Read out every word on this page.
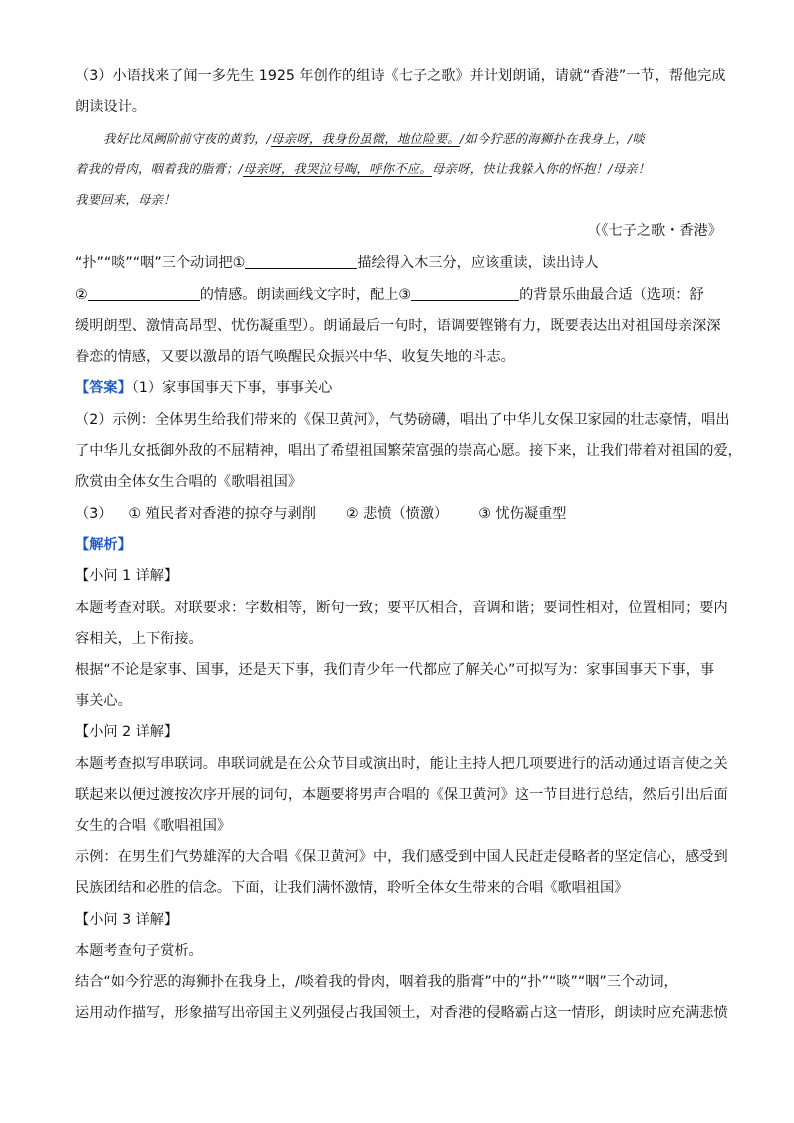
（3）小语找来了闻一多先生 1925 年创作的组诗《七子之歌》并计划朗诵，请就“香港”一节，帮他完成
朗读设计。
我好比凤阙阶前守夜的黄豹，/母亲呀，我身份虽微，地位险要。/如今狞恶的海狮扑在我身上，/啖
着我的骨肉，咽着我的脂膏；/母亲呀，我哭泣号啕，呼你不应。母亲呀，快让我躲入你的怀抱！/母亲！
我要回来，母亲！
（《七子之歌・香港》
“扑”“啖”“咽”三个动词把①	描绘得入木三分，应该重读，读出诗人
②	的情感。朗读画线文字时，配上③	的背景乐曲最合适（选项：舒
缓明朗型、激情高昂型、忧伤凝重型）。朗诵最后一句时，语调要铿锵有力，既要表达出对祖国母亲深深
眷恋的情感，又要以激昂的语气唤醒民众振兴中华、收复失地的斗志。
【答案】（1）家事国事天下事，事事关心
（2）示例：全体男生给我们带来的《保卫黄河》，气势磅礴，唱出了中华儿女保卫家园的壮志豪情，唱出
了中华儿女抵御外敌的不屈精神，唱出了希望祖国繁荣富强的崇高心愿。接下来，让我们带着对祖国的爱，
欣赏由全体女生合唱的《歌唱祖国》
（3） ① 殖民者对香港的掠夺与剥削 ② 悲愤（愤激） ③ 忧伤凝重型
【解析】
【小问 1 详解】
本题考查对联。对联要求：字数相等，断句一致；要平仄相合，音调和谐；要词性相对，位置相同；要内
容相关，上下衔接。
根据“不论是家事、国事，还是天下事，我们青少年一代都应了解关心”可拟写为：家事国事天下事，事
事关心。
【小问 2 详解】
本题考查拟写串联词。串联词就是在公众节目或演出时，能让主持人把几项要进行的活动通过语言使之关
联起来以便过渡按次序开展的词句，本题要将男声合唱的《保卫黄河》这一节目进行总结，然后引出后面
女生的合唱《歌唱祖国》
示例：在男生们气势雄浑的大合唱《保卫黄河》中，我们感受到中国人民赶走侵略者的坚定信心，感受到
民族团结和必胜的信念。下面，让我们满怀激情，聆听全体女生带来的合唱《歌唱祖国》
【小问 3 详解】
本题考查句子赏析。
结合“如今狞恶的海狮扑在我身上，/啖着我的骨肉，咽着我的脂膏”中的“扑”“啖”“咽”三个动词，
运用动作描写，形象描写出帝国主义列强侵占我国领土，对香港的侵略霸占这一情形，朗读时应充满悲愤
